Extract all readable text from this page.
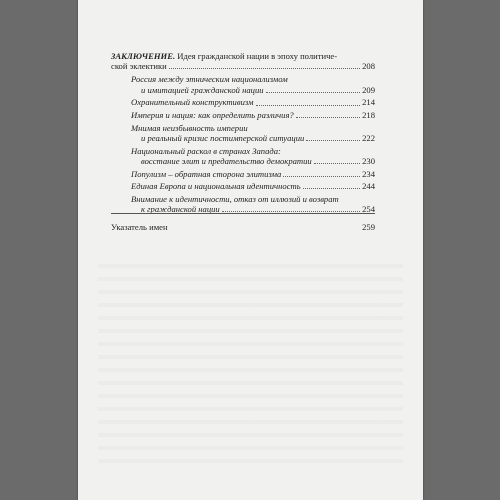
ЗАКЛЮЧЕНИЕ. Идея гражданской нации в эпоху политиче-
ской эклектики	208
Россия между этническим национализмом
и имитацией гражданской нации	209
Охранительный конструктивизм	214
Империя и нация: как определить различия?	218
Мнимая неизбывность империи
и реальный кризис постимперской ситуации	222
Национальный раскол в странах Запада:
восстание элит и предательство демократии	230
Популизм – обратная сторона элитизма	234
Единая Европа и национальная идентичность	244
Внимание к идентичности, отказ от иллюзий и возврат
к гражданской нации	254
Указатель имен	259
